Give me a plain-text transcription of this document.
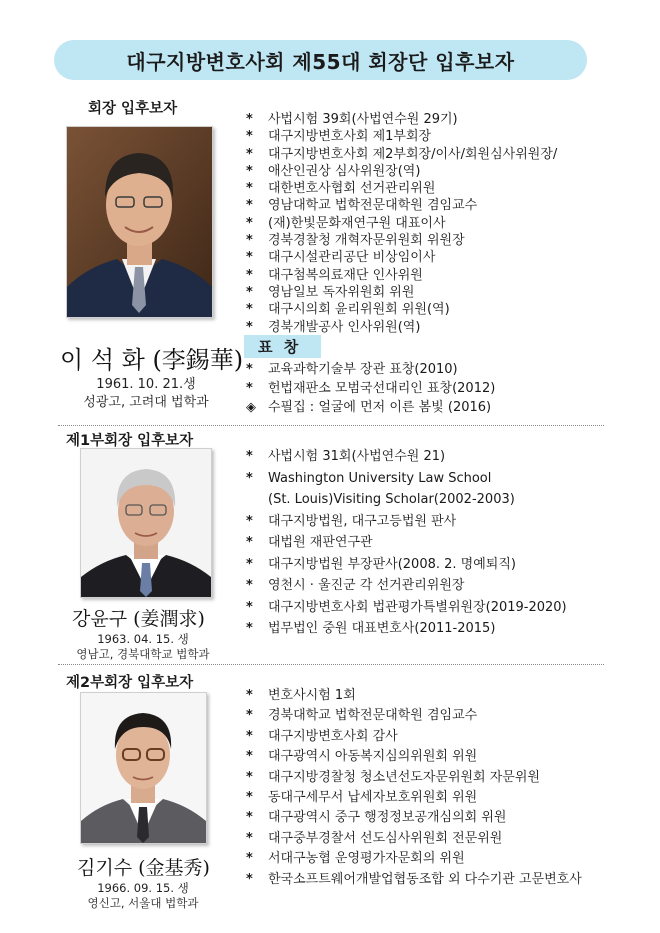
대구지방변호사회 제55대 회장단 입후보자
회장 입후보자
이 석 화 (李錫華)
1961. 10. 21.생
성광고, 고려대 법학과
*	사법시험 39회(사법연수원 29기)
*	대구지방변호사회 제1부회장
*	대구지방변호사회 제2부회장/이사/회원심사위원장/
*	애산인권상 심사위원장(역)
*	대한변호사협회 선거관리위원
*	영남대학교 법학전문대학원 겸임교수
*	(재)한빛문화재연구원 대표이사
*	경북경찰청 개혁자문위원회 위원장
*	대구시설관리공단 비상임이사
*	대구첨복의료재단 인사위원
*	영남일보 독자위원회 위원
*	대구시의회 윤리위원회 위원(역)
*	경북개발공사 인사위원(역)
표 창
*	교육과학기술부 장관 표창(2010)
*	헌법재판소 모범국선대리인 표창(2012)
◈ 수필집 : 얼굴에 먼저 이른 봄빛 (2016)
제1부회장 입후보자
강윤구 (姜潤求)
1963. 04. 15. 생
영남고, 경북대학교 법학과
*	사법시험 31회(사법연수원 21)
*	Washington University Law School
(St. Louis)Visiting Scholar(2002-2003)
*	대구지방법원, 대구고등법원 판사
*	대법원 재판연구관
*	대구지방법원 부장판사(2008. 2. 명예퇴직)
*	영천시 · 울진군 각 선거관리위원장
*	대구지방변호사회 법관평가특별위원장(2019-2020)
*	법무법인 중원 대표변호사(2011-2015)
제2부회장 입후보자
김기수 (金基秀)
1966. 09. 15. 생
영신고, 서울대 법학과
*	변호사시험 1회
*	경북대학교 법학전문대학원 겸임교수
*	대구지방변호사회 감사
*	대구광역시 아동복지심의위원회 위원
*	대구지방경찰청 청소년선도자문위원회 자문위원
*	동대구세무서 납세자보호위원회 위원
*	대구광역시 중구 행정정보공개심의회 위원
*	대구중부경찰서 선도심사위원회 전문위원
*	서대구농협 운영평가자문회의 위원
*	한국소프트웨어개발업협동조합 외 다수기관 고문변호사
